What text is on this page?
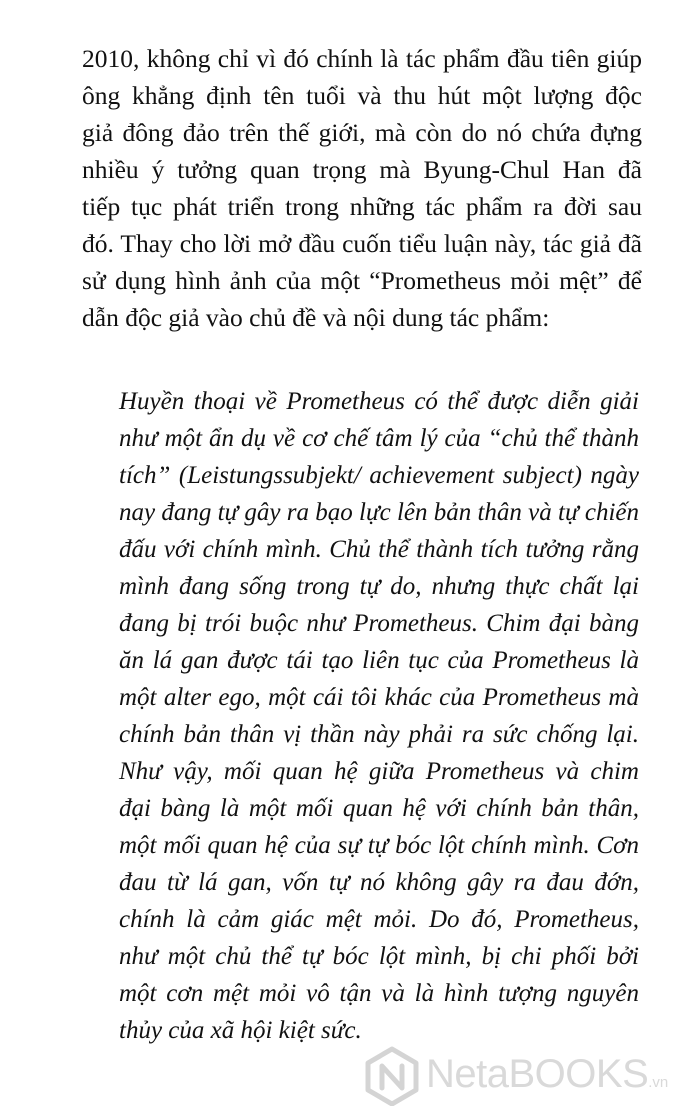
2010, không chỉ vì đó chính là tác phẩm đầu tiên giúp
ông khẳng định tên tuổi và thu hút một lượng độc
giả đông đảo trên thế giới, mà còn do nó chứa đựng
nhiều ý tưởng quan trọng mà Byung-Chul Han đã
tiếp tục phát triển trong những tác phẩm ra đời sau
đó. Thay cho lời mở đầu cuốn tiểu luận này, tác giả đã
sử dụng hình ảnh của một “Prometheus mỏi mệt” để
dẫn độc giả vào chủ đề và nội dung tác phẩm:
Huyền thoại về Prometheus có thể được diễn giải
như một ẩn dụ về cơ chế tâm lý của “chủ thể thành
tích” (Leistungssubjekt/ achievement subject) ngày
nay đang tự gây ra bạo lực lên bản thân và tự chiến
đấu với chính mình. Chủ thể thành tích tưởng rằng
mình đang sống trong tự do, nhưng thực chất lại
đang bị trói buộc như Prometheus. Chim đại bàng
ăn lá gan được tái tạo liên tục của Prometheus là
một alter ego, một cái tôi khác của Prometheus mà
chính bản thân vị thần này phải ra sức chống lại.
Như vậy, mối quan hệ giữa Prometheus và chim
đại bàng là một mối quan hệ với chính bản thân,
một mối quan hệ của sự tự bóc lột chính mình. Cơn
đau từ lá gan, vốn tự nó không gây ra đau đớn,
chính là cảm giác mệt mỏi. Do đó, Prometheus,
như một chủ thể tự bóc lột mình, bị chi phối bởi
một cơn mệt mỏi vô tận và là hình tượng nguyên
thủy của xã hội kiệt sức.
NetaBOOKS.vn
